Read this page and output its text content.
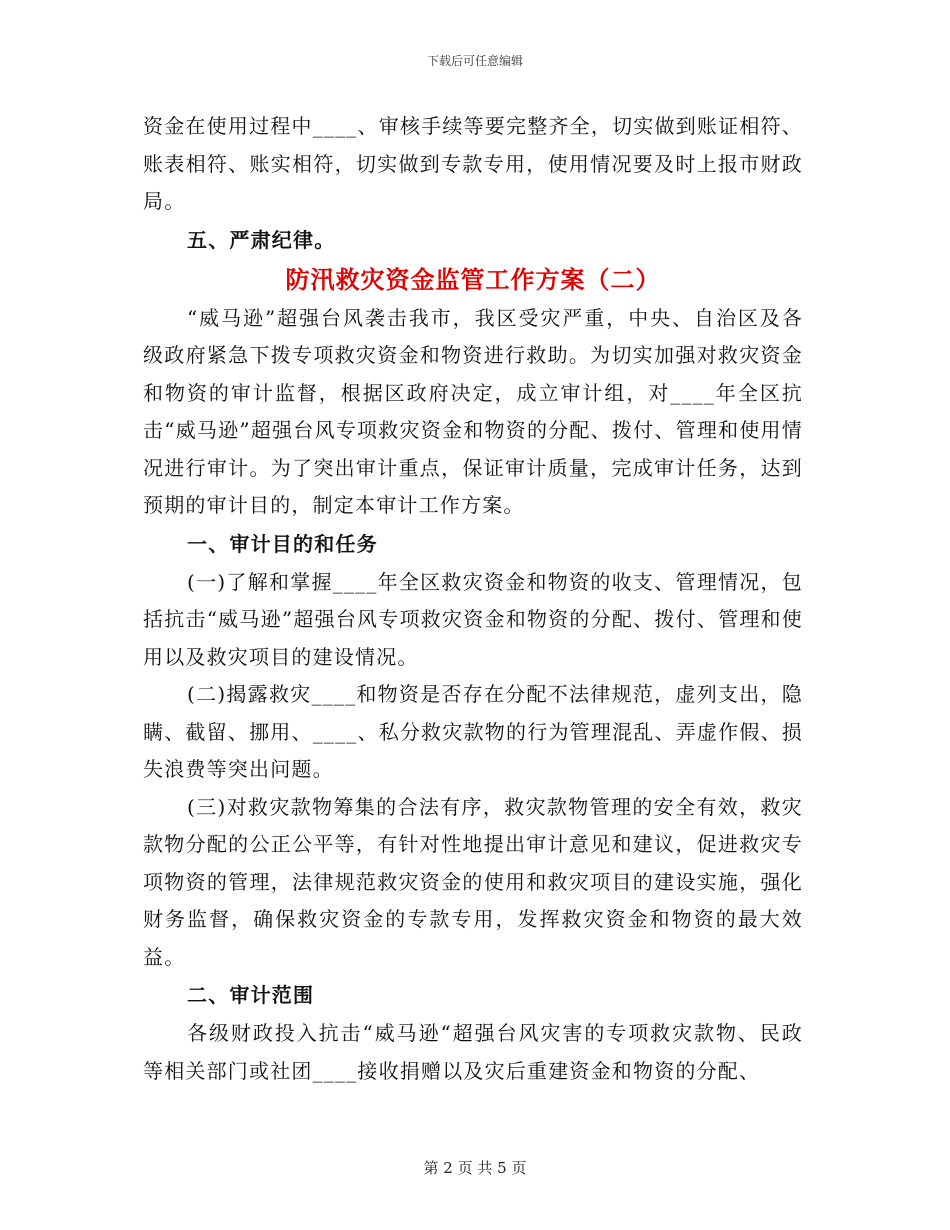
下载后可任意编辑

资金在使用过程中____、审核手续等要完整齐全，切实做到账证相符、账表相符、账实相符，切实做到专款专用，使用情况要及时上报市财政局。

五、严肃纪律。

防汛救灾资金监管工作方案（二）

“威马逊”超强台风袭击我市，我区受灾严重，中央、自治区及各级政府紧急下拨专项救灾资金和物资进行救助。为切实加强对救灾资金和物资的审计监督，根据区政府决定，成立审计组，对____年全区抗击“威马逊”超强台风专项救灾资金和物资的分配、拨付、管理和使用情况进行审计。为了突出审计重点，保证审计质量，完成审计任务，达到预期的审计目的，制定本审计工作方案。

一、审计目的和任务

(一)了解和掌握____年全区救灾资金和物资的收支、管理情况，包括抗击“威马逊”超强台风专项救灾资金和物资的分配、拨付、管理和使用以及救灾项目的建设情况。

(二)揭露救灾____和物资是否存在分配不法律规范，虚列支出，隐瞒、截留、挪用、____、私分救灾款物的行为管理混乱、弄虚作假、损失浪费等突出问题。

(三)对救灾款物筹集的合法有序，救灾款物管理的安全有效，救灾款物分配的公正公平等，有针对性地提出审计意见和建议，促进救灾专项物资的管理，法律规范救灾资金的使用和救灾项目的建设实施，强化财务监督，确保救灾资金的专款专用，发挥救灾资金和物资的最大效益。

二、审计范围

各级财政投入抗击“威马逊“超强台风灾害的专项救灾款物、民政等相关部门或社团____接收捐赠以及灾后重建资金和物资的分配、

第 2 页 共 5 页
